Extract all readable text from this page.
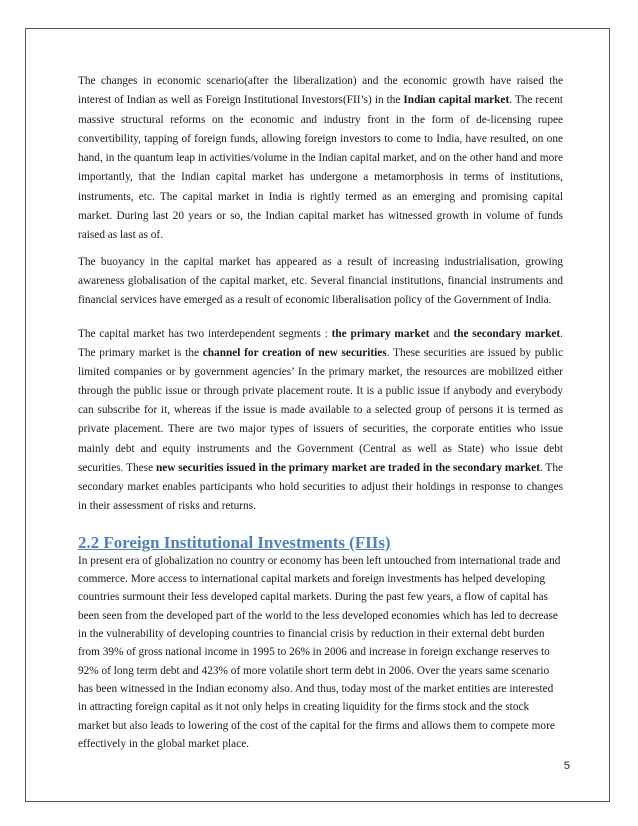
The changes in economic scenario(after the liberalization) and the economic growth have raised the interest of Indian as well as Foreign Institutional Investors(FII’s) in the Indian capital market. The recent massive structural reforms on the economic and industry front in the form of de-licensing rupee convertibility, tapping of foreign funds, allowing foreign investors to come to India, have resulted, on one hand, in the quantum leap in activities/volume in the Indian capital market, and on the other hand and more importantly, that the Indian capital market has undergone a metamorphosis in terms of institutions, instruments, etc. The capital market in India is rightly termed as an emerging and promising capital market. During last 20 years or so, the Indian capital market has witnessed growth in volume of funds raised as last as of.

The buoyancy in the capital market has appeared as a result of increasing industrialisation, growing awareness globalisation of the capital market, etc. Several financial institutions, financial instruments and financial services have emerged as a result of economic liberalisation policy of the Government of India.

The capital market has two interdependent segments : the primary market and the secondary market. The primary market is the channel for creation of new securities. These securities are issued by public limited companies or by government agencies’ In the primary market, the resources are mobilized either through the public issue or through private placement route. It is a public issue if anybody and everybody can subscribe for it, whereas if the issue is made available to a selected group of persons it is termed as private placement. There are two major types of issuers of securities, the corporate entities who issue mainly debt and equity instruments and the Government (Central as well as State) who issue debt securities. These new securities issued in the primary market are traded in the secondary market. The secondary market enables participants who hold securities to adjust their holdings in response to changes in their assessment of risks and returns.

2.2 Foreign Institutional Investments (FIIs)

In present era of globalization no country or economy has been left untouched from international trade and commerce. More access to international capital markets and foreign investments has helped developing countries surmount their less developed capital markets. During the past few years, a flow of capital has been seen from the developed part of the world to the less developed economies which has led to decrease in the vulnerability of developing countries to financial crisis by reduction in their external debt burden from 39% of gross national income in 1995 to 26% in 2006 and increase in foreign exchange reserves to 92% of long term debt and 423% of more volatile short term debt in 2006. Over the years same scenario has been witnessed in the Indian economy also. And thus, today most of the market entities are interested in attracting foreign capital as it not only helps in creating liquidity for the firms stock and the stock market but also leads to lowering of the cost of the capital for the firms and allows them to compete more effectively in the global market place.

5
